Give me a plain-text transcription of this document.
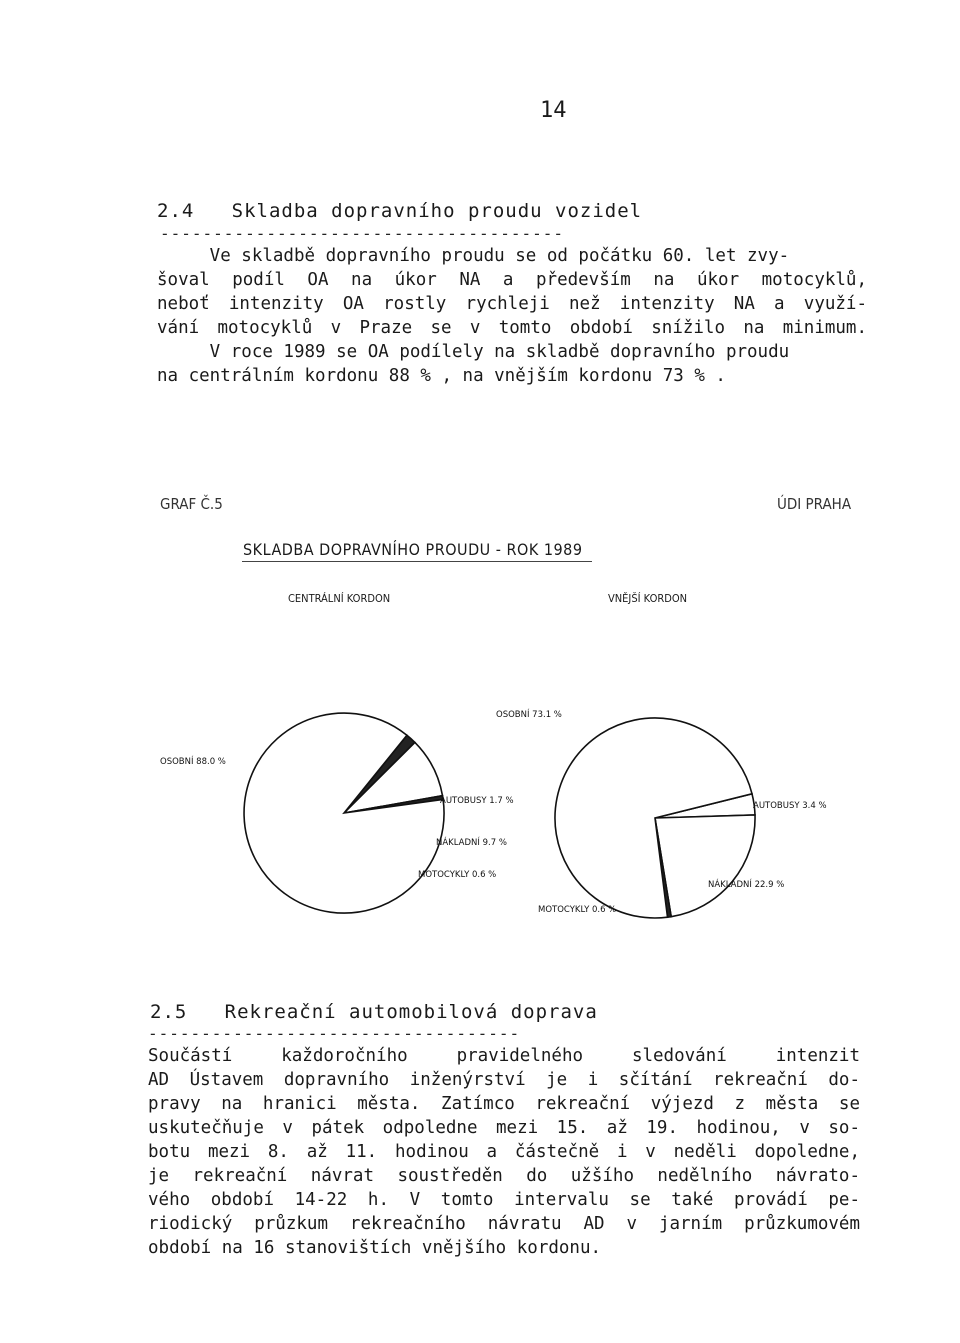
14
2.4   Skladba dopravního proudu vozidel
--------------------------------------
Ve skladbě dopravního proudu se od počátku 60. let zvy-
šoval podíl OA na úkor NA a především na úkor motocyklů,
neboť intenzity OA rostly rychleji než intenzity NA a využí-
vání motocyklů v Praze se v tomto období snížilo na minimum.
V roce 1989 se OA podílely na skladbě dopravního proudu
na centrálním kordonu 88 % , na vnějším kordonu 73 % .
GRAF Č.5	ÚDI PRAHA
SKLADBA DOPRAVNÍHO PROUDU - ROK 1989
CENTRÁLNÍ KORDON	VNĚJŠÍ KORDON
OSOBNÍ 88.0 %
AUTOBUSY 1.7 %
NÁKLADNÍ 9.7 %
MOTOCYKLY 0.6 %
OSOBNÍ 73.1 %
AUTOBUSY 3.4 %
NÁKLADNÍ 22.9 %
MOTOCYKLY 0.6 %
2.5   Rekreační automobilová doprava
-----------------------------------
Součástí každoročního pravidelného sledování intenzit
AD Ústavem dopravního inženýrství je i sčítání rekreační do-
pravy na hranici města. Zatímco rekreační výjezd z města se
uskutečňuje v pátek odpoledne mezi 15. až 19. hodinou, v so-
botu mezi 8. až 11. hodinou a částečně i v neděli dopoledne,
je rekreační návrat soustředěn do užšího nedělního návrato-
vého období 14-22 h. V tomto intervalu se také provádí pe-
riodický průzkum rekreačního návratu AD v jarním průzkumovém
období na 16 stanovištích vnějšího kordonu.
